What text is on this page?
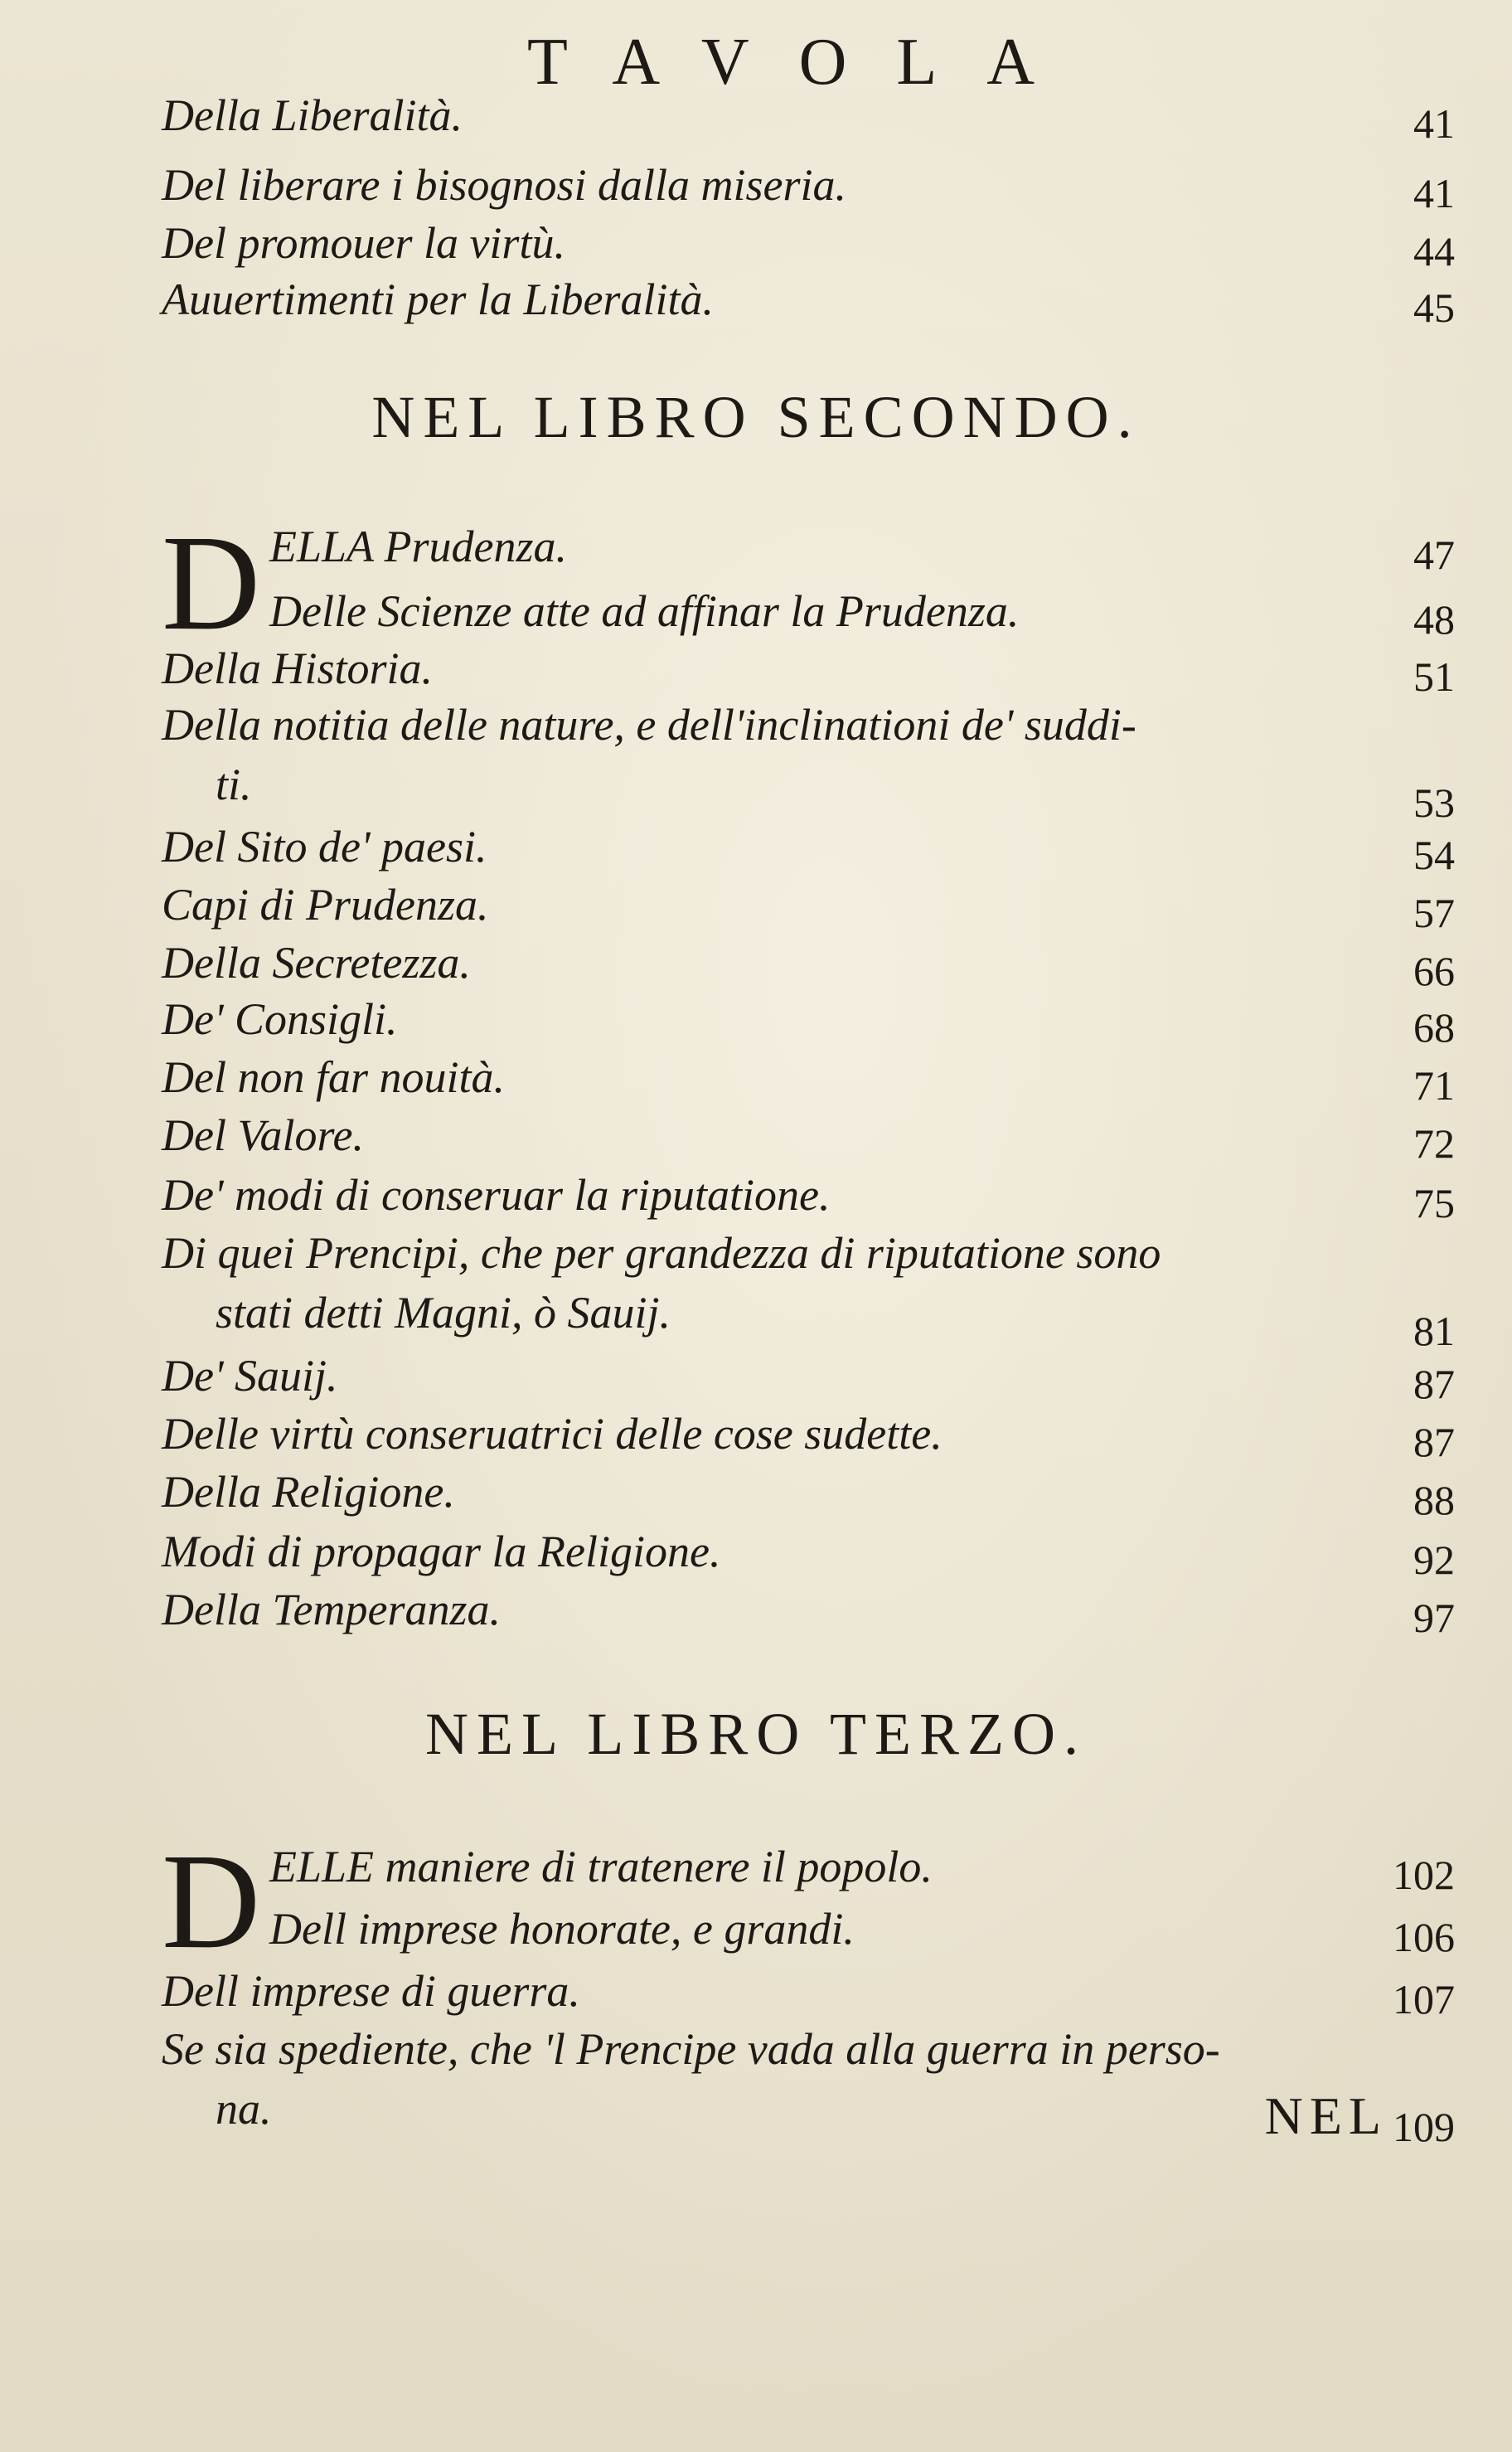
TAVOLA
Della Liberalità.	41
Del liberare i bisognosi dalla miseria.	41
Del promouer la virtù.	44
Auuertimenti per la Liberalità.	45
NEL LIBRO SECONDO.
D ELLA Prudenza.	47
Delle Scienze atte ad affinar la Prudenza.	48
Della Historia.	51
Della notitia delle nature, e dell'inclinationi de' suddi-
ti.	53
Del Sito de' paesi.	54
Capi di Prudenza.	57
Della Secretezza.	66
De' Consigli.	68
Del non far nouità.	71
Del Valore.	72
De' modi di conseruar la riputatione.	75
Di quei Prencipi, che per grandezza di riputatione sono
stati detti Magni, ò Sauij.	81
De' Sauij.	87
Delle virtù conseruatrici delle cose sudette.	87
Della Religione.	88
Modi di propagar la Religione.	92
Della Temperanza.	97
NEL LIBRO TERZO.
D ELLE maniere di tratenere il popolo.	102
Dell imprese honorate, e grandi.	106
Dell imprese di guerra.	107
Se sia spediente, che 'l Prencipe vada alla guerra in perso-
na.	109
NEL
